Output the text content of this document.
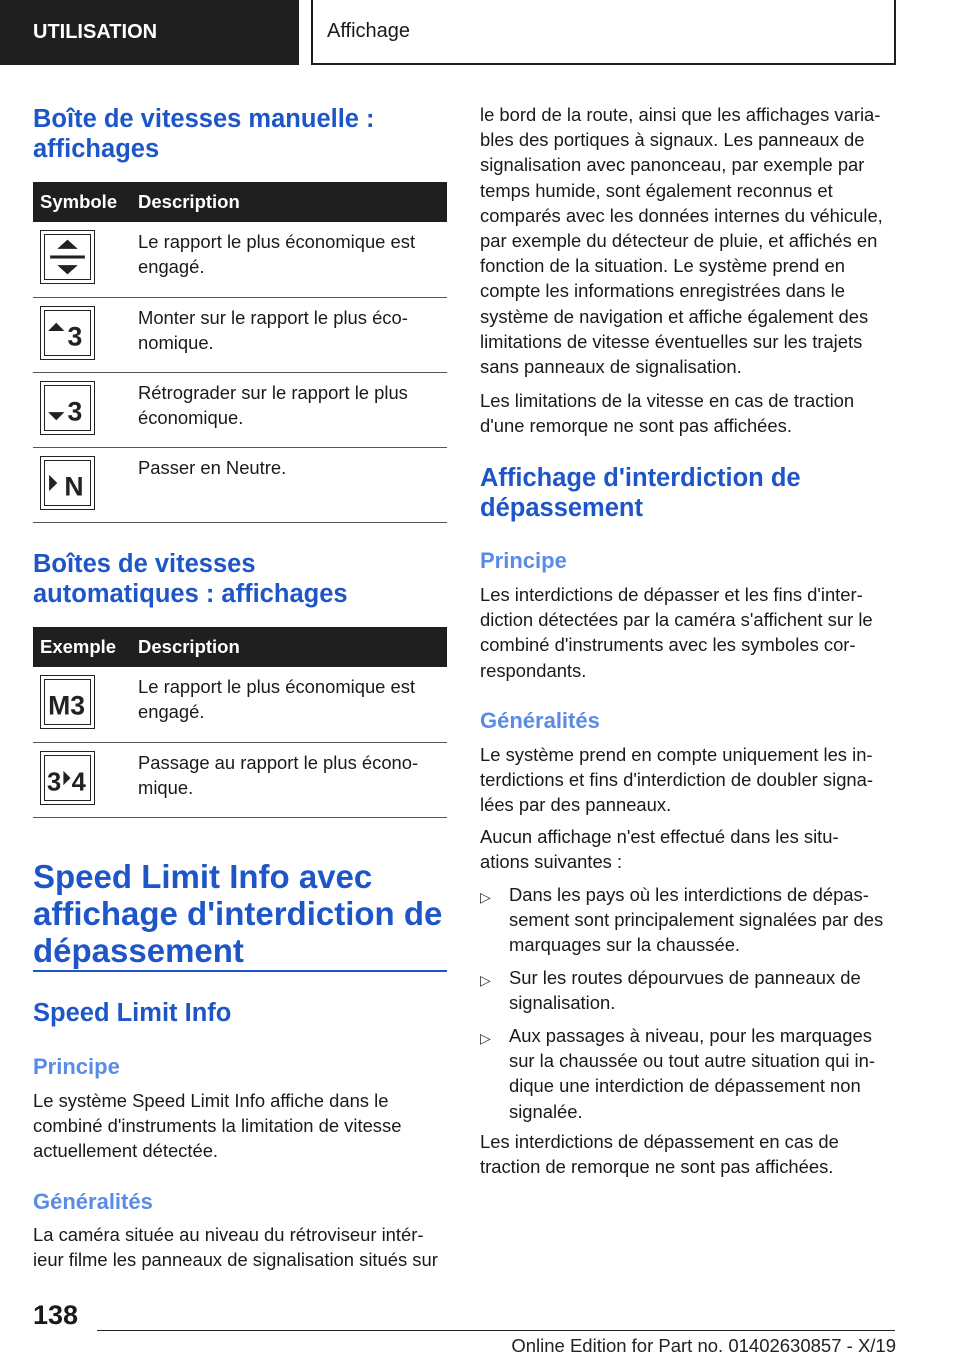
UTILISATION	Affichage
Boîte de vitesses manuelle :
affichages
Symbole	Description

	Le rapport le plus économique est engagé.

3	Monter sur le rapport le plus éco-nomique.

3	Rétrograder sur le rapport le plus économique.

N	Passer en Neutre.
Boîtes de vitesses
automatiques : affichages
Exemple	Description

M3	Le rapport le plus économique est engagé.

3 4	Passage au rapport le plus écono-mique.
Speed Limit Info avec
affichage d'interdiction de
dépassement
Speed Limit Info
Principe

Le système Speed Limit Info affiche dans le combiné d'instruments la limitation de vitesse actuellement détectée.

Généralités

La caméra située au niveau du rétroviseur intér-ieur filme les panneaux de signalisation situés sur

le bord de la route, ainsi que les affichages varia-bles des portiques à signaux. Les panneaux de signalisation avec panonceau, par exemple par temps humide, sont également reconnus et comparés avec les données internes du véhicule, par exemple du détecteur de pluie, et affichés en fonction de la situation. Le système prend en compte les informations enregistrées dans le système de navigation et affiche également des limitations de vitesse éventuelles sur les trajets sans panneaux de signalisation.

Les limitations de la vitesse en cas de traction d'une remorque ne sont pas affichées.

Affichage d'interdiction de
dépassement
Principe

Les interdictions de dépasser et les fins d'inter-diction détectées par la caméra s'affichent sur le combiné d'instruments avec les symboles cor-respondants.

Généralités

Le système prend en compte uniquement les in-terdictions et fins d'interdiction de doubler signa-lées par des panneaux.

Aucun affichage n'est effectué dans les situ-ations suivantes :

▷ Dans les pays où les interdictions de dépas-sement sont principalement signalées par des marquages sur la chaussée.
▷ Sur les routes dépourvues de panneaux de signalisation.
▷ Aux passages à niveau, pour les marquages sur la chaussée ou tout autre situation qui in-dique une interdiction de dépassement non signalée.

Les interdictions de dépassement en cas de traction de remorque ne sont pas affichées.

138
Online Edition for Part no. 01402630857 - X/19
